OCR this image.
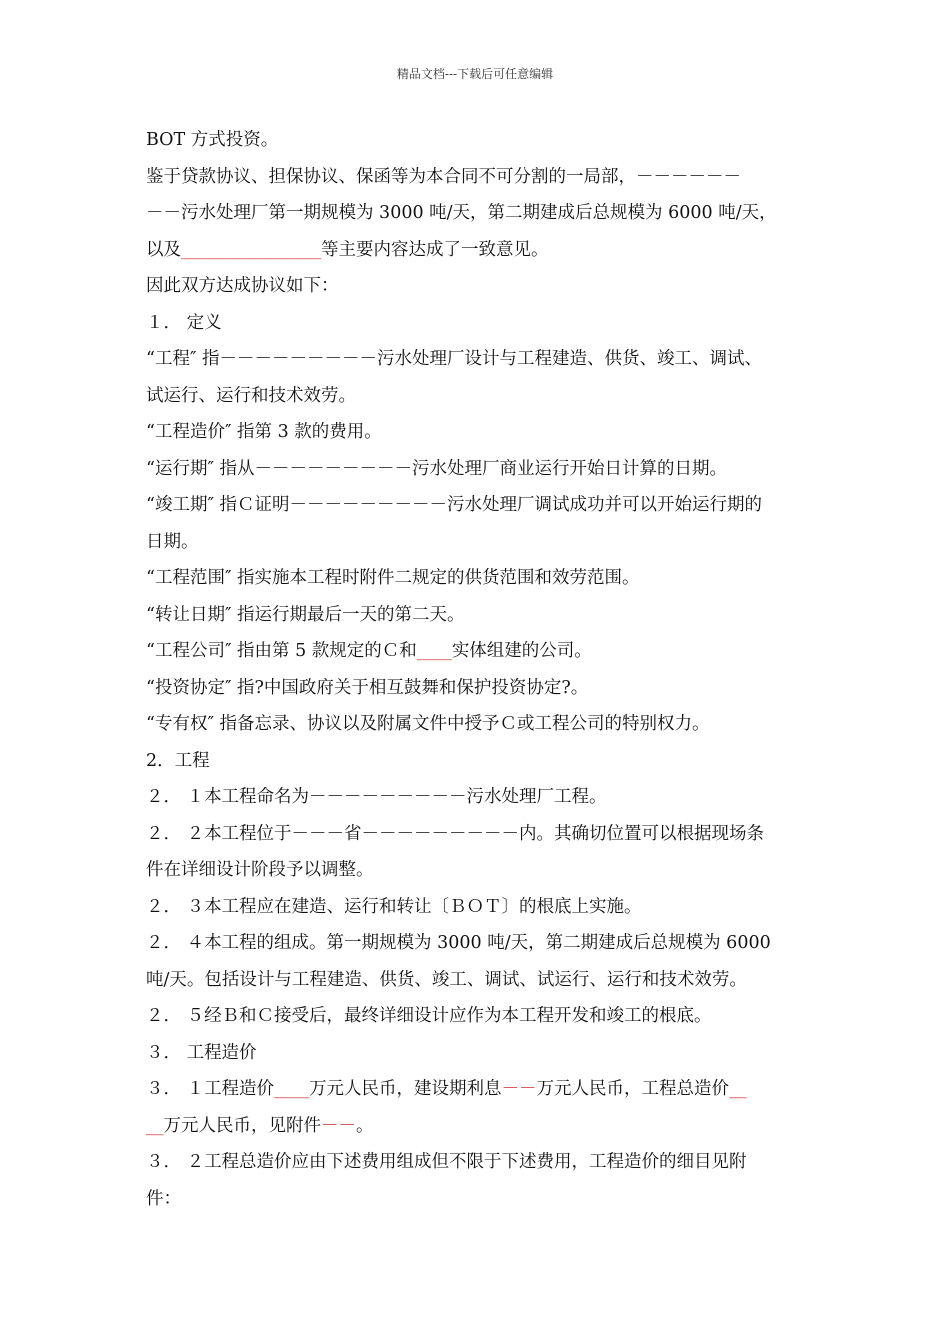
精品文档---下载后可任意编辑
BOT 方式投资。
鉴于贷款协议、担保协议、保函等为本合同不可分割的一局部，－－－－－－
－－污水处理厂第一期规模为 3000 吨/天，第二期建成后总规模为 6000 吨/天，
以及________________等主要内容达成了一致意见。
因此双方达成协议如下：
１． 定义
“工程″ 指－－－－－－－－－污水处理厂设计与工程建造、供货、竣工、调试、
试运行、运行和技术效劳。
“工程造价″ 指第 3 款的费用。
“运行期″ 指从－－－－－－－－－污水处理厂商业运行开始日计算的日期。
“竣工期″ 指Ｃ证明－－－－－－－－－污水处理厂调试成功并可以开始运行期的
日期。
“工程范围″ 指实施本工程时附件二规定的供货范围和效劳范围。
“转让日期″ 指运行期最后一天的第二天。
“工程公司″ 指由第 5 款规定的Ｃ和____实体组建的公司。
“投资协定″ 指?中国政府关于相互鼓舞和保护投资协定?。
“专有权″ 指备忘录、协议以及附属文件中授予Ｃ或工程公司的特别权力。
2．工程
２． １本工程命名为－－－－－－－－－污水处理厂工程。
２． ２本工程位于－－－省－－－－－－－－－内。其确切位置可以根据现场条
件在详细设计阶段予以调整。
２． ３本工程应在建造、运行和转让〔ＢＯＴ〕的根底上实施。
２． ４本工程的组成。第一期规模为 3000 吨/天，第二期建成后总规模为 6000
吨/天。包括设计与工程建造、供货、竣工、调试、试运行、运行和技术效劳。
２． ５经Ｂ和Ｃ接受后，最终详细设计应作为本工程开发和竣工的根底。
３． 工程造价
３． １工程造价____万元人民币，建设期利息－－万元人民币，工程总造价__
__万元人民币，见附件－－。
３． ２工程总造价应由下述费用组成但不限于下述费用，工程造价的细目见附
件：
